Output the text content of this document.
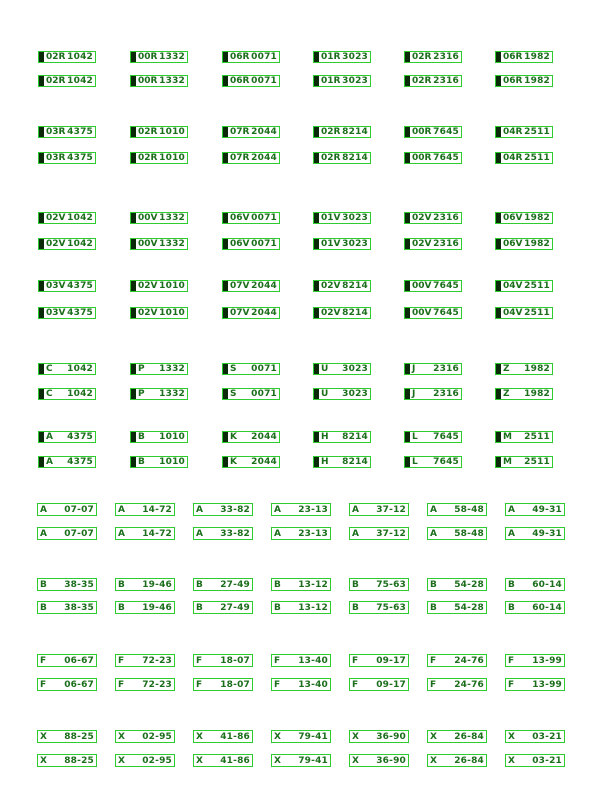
02R 1042	00R 1332	06R 0071	01R 3023	02R 2316	06R 1982
02R 1042	00R 1332	06R 0071	01R 3023	02R 2316	06R 1982
03R 4375	02R 1010	07R 2044	02R 8214	00R 7645	04R 2511
03R 4375	02R 1010	07R 2044	02R 8214	00R 7645	04R 2511
02V 1042	00V 1332	06V 0071	01V 3023	02V 2316	06V 1982
02V 1042	00V 1332	06V 0071	01V 3023	02V 2316	06V 1982
03V 4375	02V 1010	07V 2044	02V 8214	00V 7645	04V 2511
03V 4375	02V 1010	07V 2044	02V 8214	00V 7645	04V 2511
C 1042	P 1332	S 0071	U 3023	J 2316	Z 1982
C 1042	P 1332	S 0071	U 3023	J 2316	Z 1982
A 4375	B 1010	K 2044	H 8214	L 7645	M 2511
A 4375	B 1010	K 2044	H 8214	L 7645	M 2511
A 07-07	A 14-72	A 33-82	A 23-13	A 37-12	A 58-48	A 49-31
A 07-07	A 14-72	A 33-82	A 23-13	A 37-12	A 58-48	A 49-31
B 38-35	B 19-46	B 27-49	B 13-12	B 75-63	B 54-28	B 60-14
B 38-35	B 19-46	B 27-49	B 13-12	B 75-63	B 54-28	B 60-14
F 06-67	F 72-23	F 18-07	F 13-40	F 09-17	F 24-76	F 13-99
F 06-67	F 72-23	F 18-07	F 13-40	F 09-17	F 24-76	F 13-99
X 88-25	X 02-95	X 41-86	X 79-41	X 36-90	X 26-84	X 03-21
X 88-25	X 02-95	X 41-86	X 79-41	X 36-90	X 26-84	X 03-21
